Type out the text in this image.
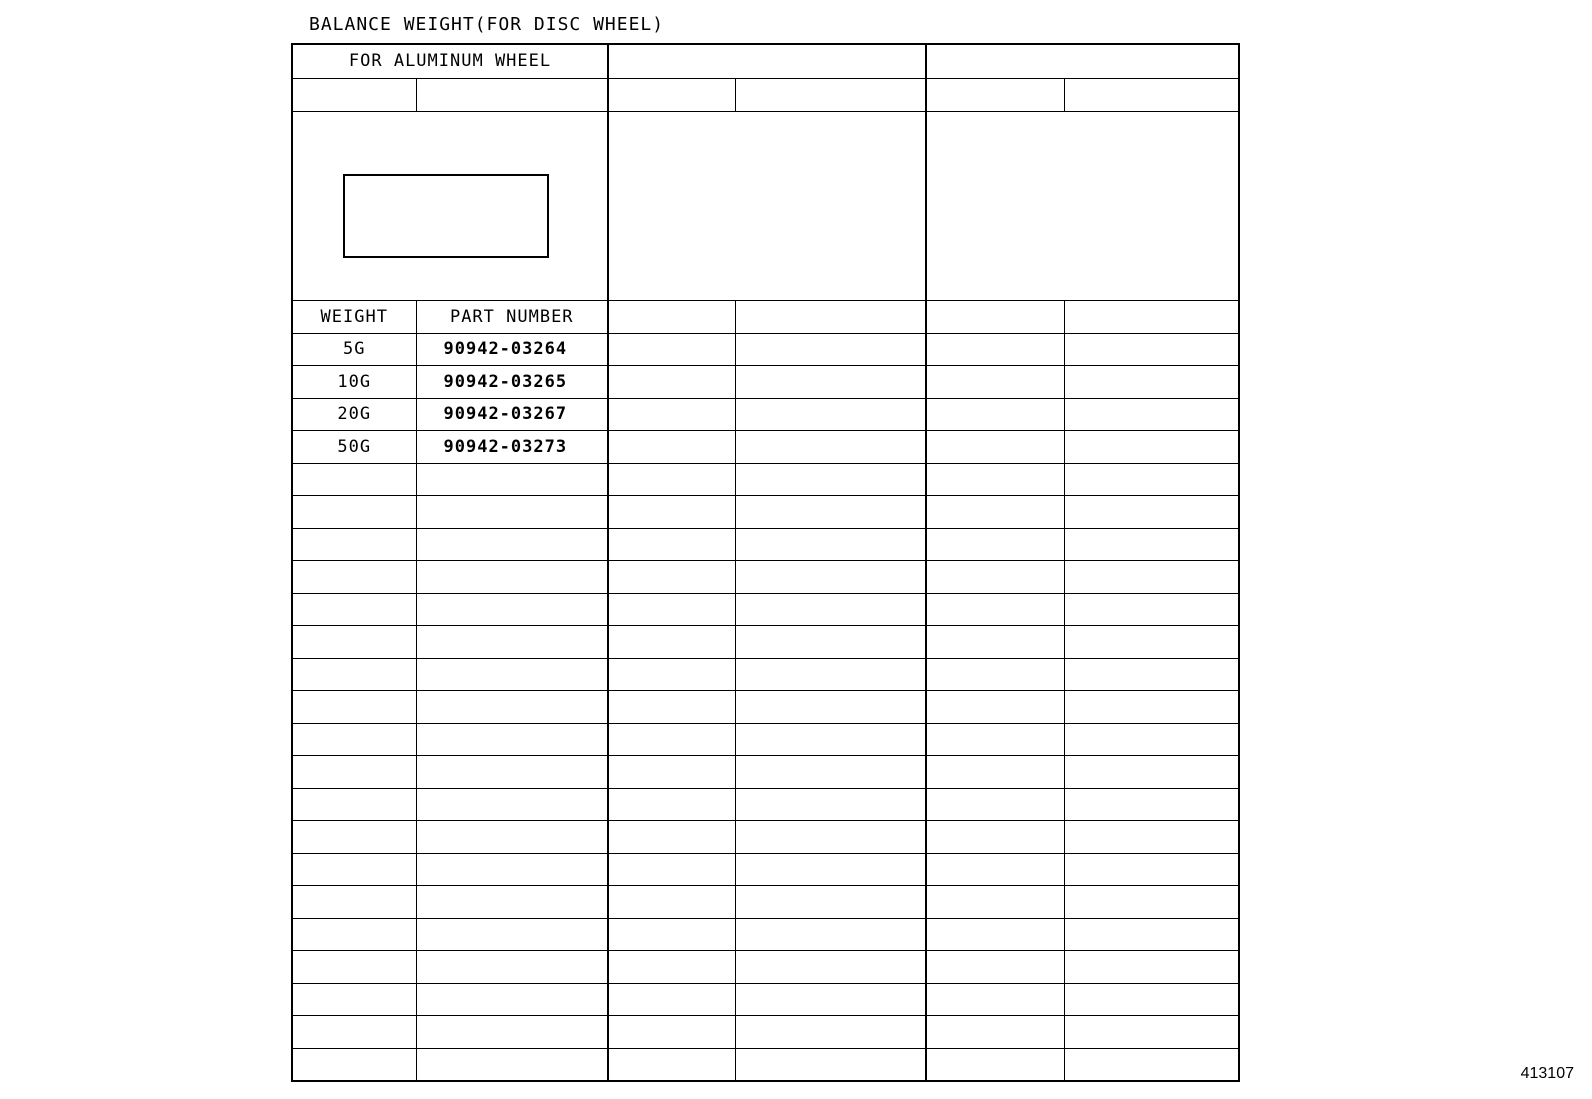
BALANCE WEIGHT(FOR DISC WHEEL)
FOR ALUMINUM WHEEL					

WEIGHT	PART NUMBER				
5G	90942-03264				
10G	90942-03265				
20G	90942-03267				
50G	90942-03273				

413107
